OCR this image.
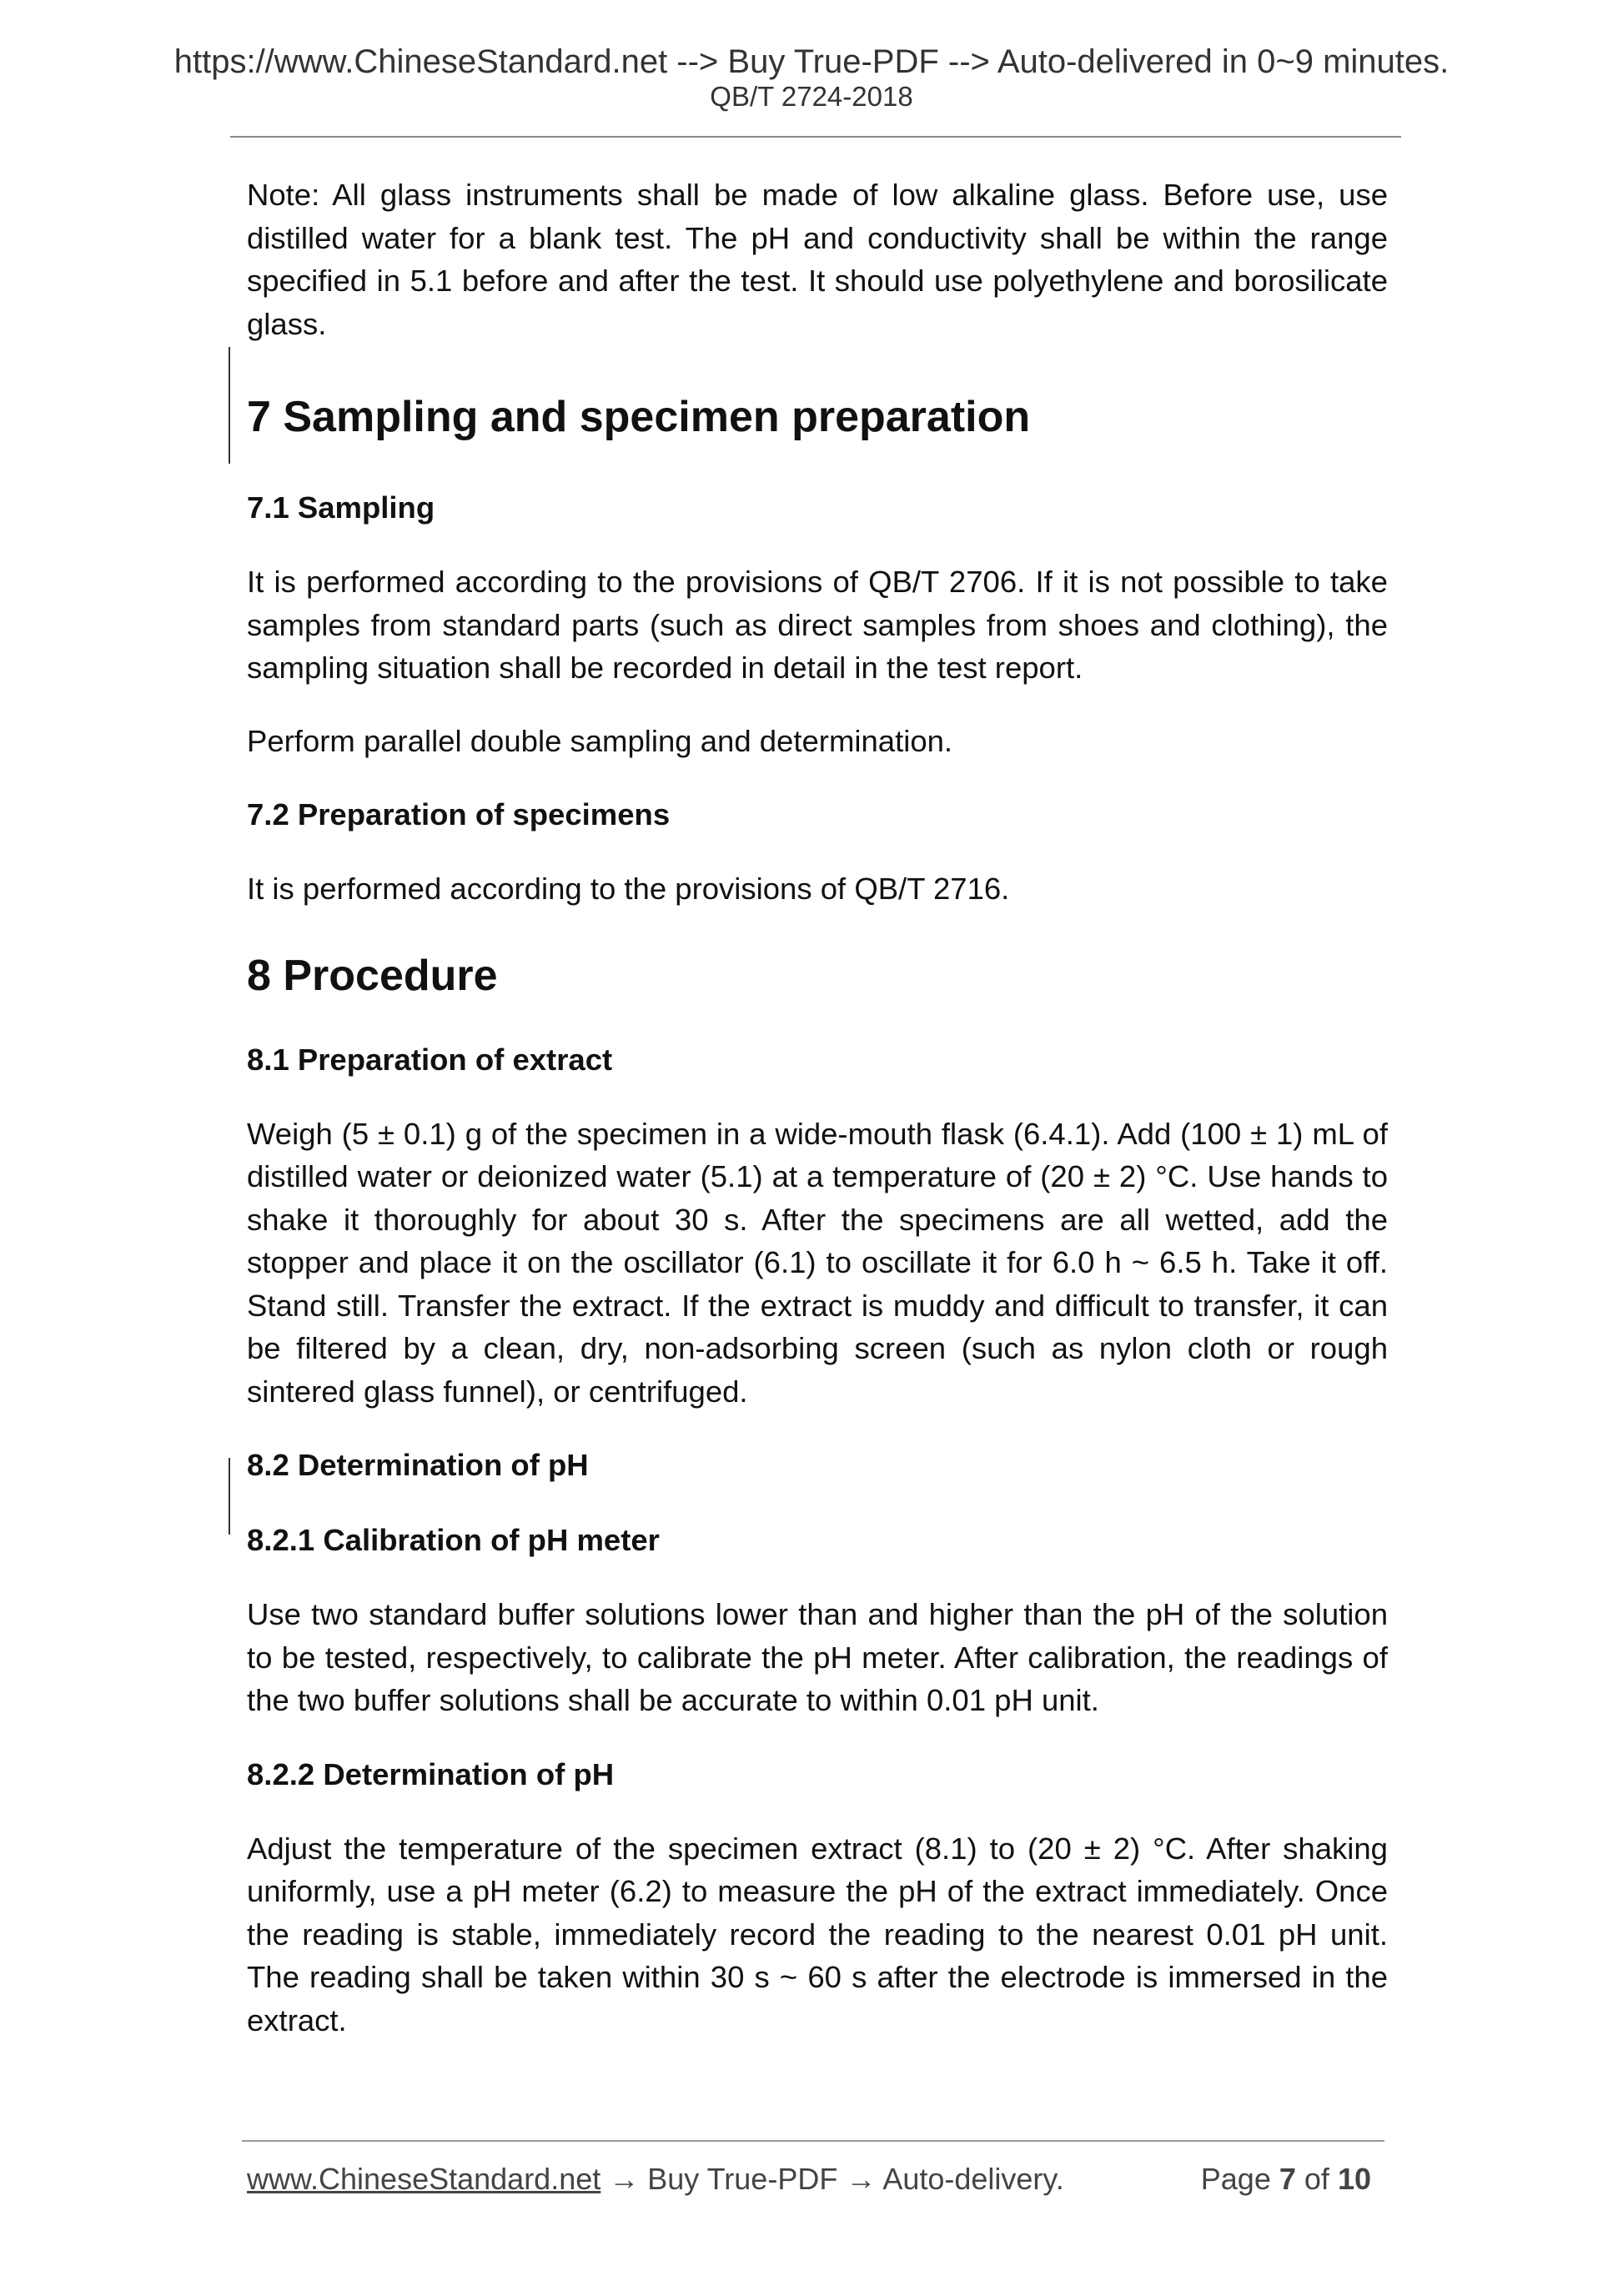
https://www.ChineseStandard.net --> Buy True-PDF --> Auto-delivered in 0~9 minutes.
QB/T 2724-2018

Note: All glass instruments shall be made of low alkaline glass. Before use, use distilled water for a blank test. The pH and conductivity shall be within the range specified in 5.1 before and after the test. It should use polyethylene and borosilicate glass.

7 Sampling and specimen preparation
7.1 Sampling

It is performed according to the provisions of QB/T 2706. If it is not possible to take samples from standard parts (such as direct samples from shoes and clothing), the sampling situation shall be recorded in detail in the test report.

Perform parallel double sampling and determination.

7.2 Preparation of specimens

It is performed according to the provisions of QB/T 2716.

8 Procedure
8.1 Preparation of extract

Weigh (5 ± 0.1) g of the specimen in a wide-mouth flask (6.4.1). Add (100 ± 1) mL of distilled water or deionized water (5.1) at a temperature of (20 ± 2) °C. Use hands to shake it thoroughly for about 30 s. After the specimens are all wetted, add the stopper and place it on the oscillator (6.1) to oscillate it for 6.0 h ~ 6.5 h. Take it off. Stand still. Transfer the extract. If the extract is muddy and difficult to transfer, it can be filtered by a clean, dry, non-adsorbing screen (such as nylon cloth or rough sintered glass funnel), or centrifuged.

8.2 Determination of pH
8.2.1 Calibration of pH meter

Use two standard buffer solutions lower than and higher than the pH of the solution to be tested, respectively, to calibrate the pH meter. After calibration, the readings of the two buffer solutions shall be accurate to within 0.01 pH unit.

8.2.2 Determination of pH

Adjust the temperature of the specimen extract (8.1) to (20 ± 2) °C. After shaking uniformly, use a pH meter (6.2) to measure the pH of the extract immediately. Once the reading is stable, immediately record the reading to the nearest 0.01 pH unit. The reading shall be taken within 30 s ~ 60 s after the electrode is immersed in the extract.

www.ChineseStandard.net → Buy True-PDF → Auto-delivery.	Page 7 of 10
